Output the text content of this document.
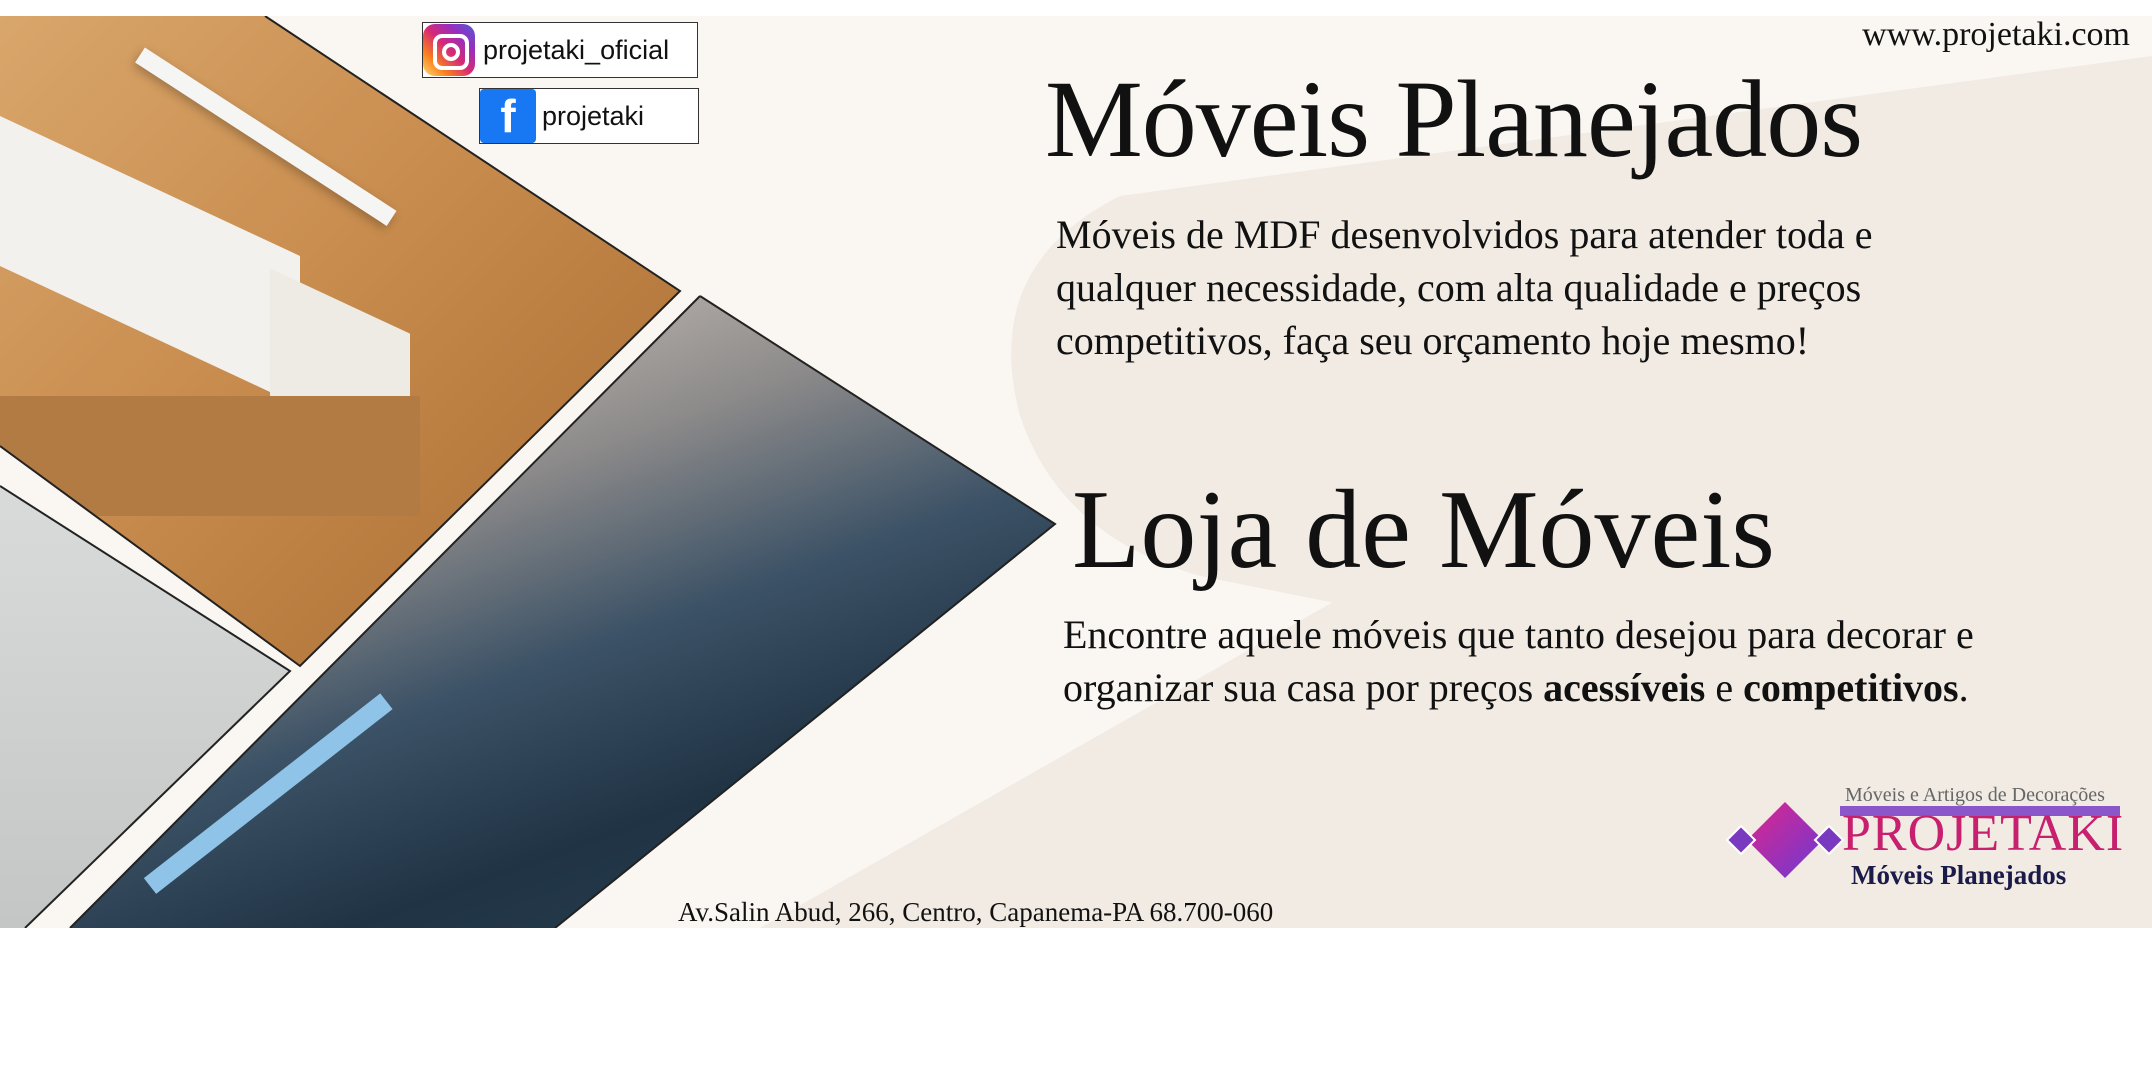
projetaki_oficial
f projetaki
www.projetaki.com
Móveis Planejados
Móveis de MDF desenvolvidos para atender toda e qualquer necessidade, com alta qualidade e preços competitivos, faça seu orçamento hoje mesmo!
Loja de Móveis
Encontre aquele móveis que tanto desejou para decorar e organizar sua casa por preços acessíveis e competitivos.
Av.Salin Abud, 266, Centro, Capanema-PA 68.700-060
Móveis e Artigos de Decorações
PROJETAKI
Móveis Planejados
